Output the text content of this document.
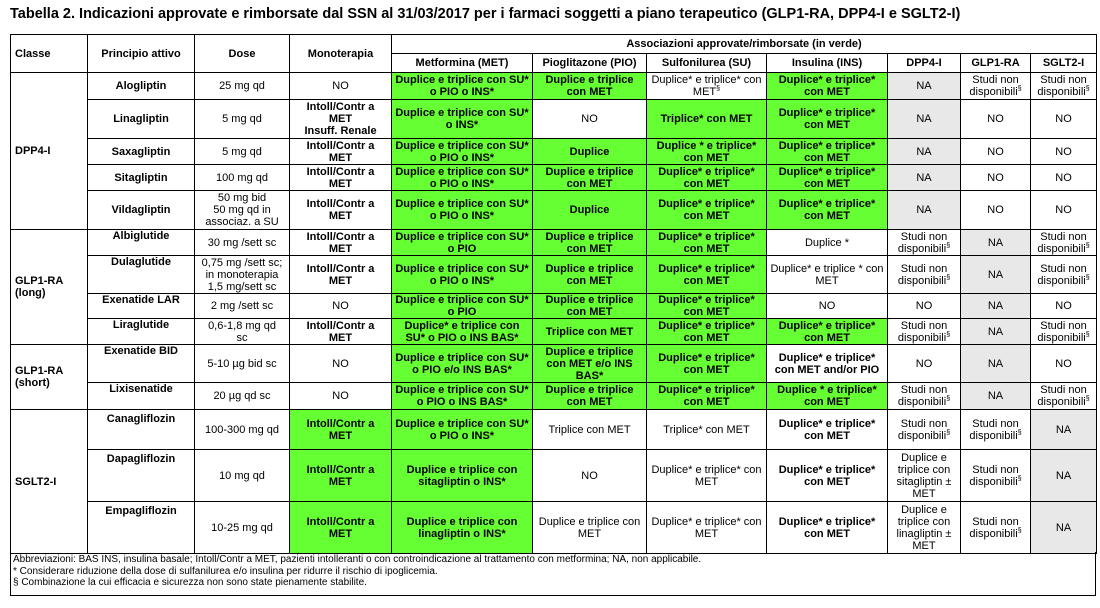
Tabella 2. Indicazioni approvate e rimborsate dal SSN al 31/03/2017 per i farmaci soggetti a piano terapeutico (GLP1-RA, DPP4-I e SGLT2-I)
Classe	Principio attivo	Dose	Monoterapia	Associazioni approvate/rimborsate (in verde)						
				Metformina (MET)	Pioglitazone (PIO)	Sulfonilurea (SU)	Insulina (INS)	DPP4-I	GLP1-RA	SGLT2-I
DPP4-I	Alogliptin	25 mg qd	NO	Duplice e triplice con SU* o PIO o INS*	Duplice e triplice con MET	Duplice* e triplice* con MET§	Duplice* e triplice* con MET	NA	Studi non
disponibili§	Studi non
disponibili§
	Linagliptin	5 mg qd	Intoll/Contr a
MET
Insuff. Renale	Duplice e triplice con SU* o INS*	NO	Triplice* con MET	Duplice* e triplice* con MET	NA	NO	NO
	Saxagliptin	5 mg qd	Intoll/Contr a
MET	Duplice e triplice con SU* o PIO o INS*	Duplice	Duplice * e triplice* con MET	Duplice* e triplice* con MET	NA	NO	NO
	Sitagliptin	100 mg qd	Intoll/Contr a
MET	Duplice e triplice con SU* o PIO o INS*	Duplice e triplice con MET	Duplice* e triplice* con MET	Duplice* e triplice* con MET	NA	NO	NO
	Vildagliptin	50 mg bid
50 mg qd in
associaz. a SU	Intoll/Contr a
MET	Duplice e triplice con SU* o PIO o INS*	Duplice	Duplice* e triplice* con MET	Duplice* e triplice* con MET	NA	NO	NO
GLP1-RA
(long)	Albiglutide	30 mg /sett sc	Intoll/Contr a
MET	Duplice e triplice con SU* o PIO	Duplice e triplice con MET	Duplice* e triplice* con MET	Duplice *	Studi non
disponibili§	NA	Studi non
disponibili§
	Dulaglutide	0,75 mg /sett sc;
in monoterapia
1,5 mg/sett sc	Intoll/Contr a
MET	Duplice e triplice con SU* o PIO o INS*	Duplice e triplice con MET	Duplice* e triplice* con MET	Duplice* e triplice * con MET	Studi non
disponibili§	NA	Studi non
disponibili§
	Exenatide LAR	2 mg /sett sc	NO	Duplice e triplice con SU* o PIO	Duplice e triplice con MET	Duplice* e triplice* con MET	NO	NO	NA	NO
	Liraglutide	0,6-1,8 mg qd
sc	Intoll/Contr a
MET	Duplice* e triplice con SU* o PIO o INS BAS*	Triplice con MET	Duplice* e triplice* con MET	Duplice* e triplice* con MET	Studi non
disponibili§	NA	Studi non
disponibili§
GLP1-RA
(short)	Exenatide BID	5-10 µg bid sc	NO	Duplice e triplice con SU* o PIO e/o INS BAS*	Duplice e triplice
con MET e/o INS
BAS*	Duplice* e triplice* con MET	Duplice* e triplice* con MET and/or PIO	NO	NA	NO
	Lixisenatide	20 µg qd sc	NO	Duplice e triplice con SU* o PIO o INS BAS*	Duplice e triplice con MET	Duplice* e triplice* con MET	Duplice * e triplice* con MET	Studi non
disponibili§	NA	Studi non
disponibili§
SGLT2-I	Canagliflozin	100-300 mg qd	Intoll/Contr a
MET	Duplice e triplice con SU* o PIO o INS*	Triplice con MET	Triplice* con MET	Duplice* e triplice* con MET	Studi non
disponibili§	Studi non
disponibili§	NA
	Dapagliflozin	10 mg qd	Intoll/Contr a
MET	Duplice e triplice con sitagliptin o INS*	NO	Duplice* e triplice* con MET	Duplice* e triplice* con MET	Duplice e
triplice con
sitagliptin ±
MET	Studi non
disponibili§	NA
	Empagliflozin	10-25 mg qd	Intoll/Contr a
MET	Duplice e triplice con linagliptin o INS*	Duplice e triplice con MET	Duplice* e triplice* con MET	Duplice* e triplice* con MET	Duplice e
triplice con
linagliptin ±
MET	Studi non
disponibili§	NA
Abbreviazioni: BAS INS, insulina basale; Intoll/Contr a MET, pazienti intolleranti o con controindicazione al trattamento con metformina; NA, non applicabile.
* Considerare riduzione della dose di sulfanilurea e/o insulina per ridurre il rischio di ipoglicemia.
§ Combinazione la cui efficacia e sicurezza non sono state pienamente stabilite.
